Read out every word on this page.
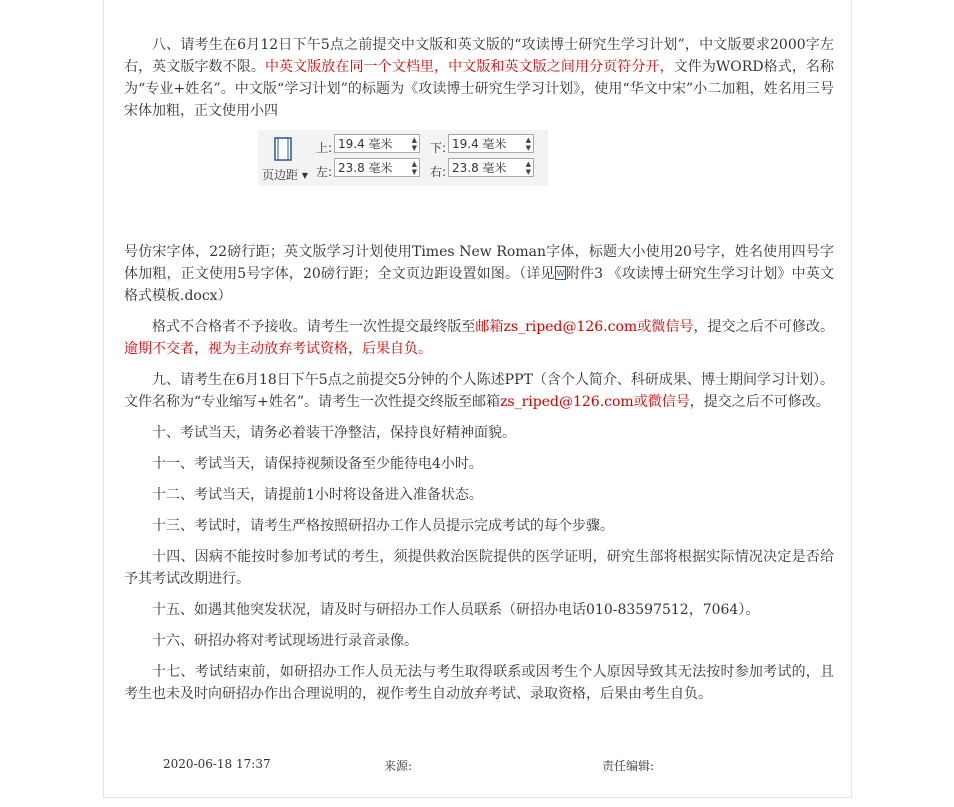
八、请考生在6月12日下午5点之前提交中文版和英文版的“攻读博士研究生学习计划”，中文版要求2000字左右，英文版字数不限。中英文版放在同一个文档里，中文版和英文版之间用分页符分开，文件为WORD格式，名称为“专业+姓名”。中文版“学习计划”的标题为《攻读博士研究生学习计划》，使用“华文中宋”小二加粗，姓名用三号宋体加粗，正文使用小四

页边距 ▾
上: 19.4 毫米	▲
▼ 下: 19.4 毫米	▲
▼
左: 23.8 毫米	▲
▼ 右: 23.8 毫米	▲
▼

号仿宋字体，22磅行距；英文版学习计划使用Times New Roman字体，标题大小使用20号字，姓名使用四号字体加粗，正文使用5号字体，20磅行距；全文页边距设置如图。（详见 W 附件3 《攻读博士研究生学习计划》中英文格式模板.docx）

格式不合格者不予接收。请考生一次性提交最终版至邮箱zs_riped@126.com或微信号，提交之后不可修改。逾期不交者，视为主动放弃考试资格，后果自负。

九、请考生在6月18日下午5点之前提交5分钟的个人陈述PPT（含个人简介、科研成果、博士期间学习计划）。文件名称为“专业缩写+姓名”。请考生一次性提交终版至邮箱zs_riped@126.com或微信号，提交之后不可修改。

十、考试当天，请务必着装干净整洁，保持良好精神面貌。

十一、考试当天，请保持视频设备至少能待电4小时。

十二、考试当天，请提前1小时将设备进入准备状态。

十三、考试时，请考生严格按照研招办工作人员提示完成考试的每个步骤。

十四、因病不能按时参加考试的考生，须提供救治医院提供的医学证明，研究生部将根据实际情况决定是否给予其考试改期进行。

十五、如遇其他突发状况，请及时与研招办工作人员联系（研招办电话010-83597512，7064）。

十六、研招办将对考试现场进行录音录像。

十七、考试结束前，如研招办工作人员无法与考生取得联系或因考生个人原因导致其无法按时参加考试的，且考生也未及时向研招办作出合理说明的，视作考生自动放弃考试、录取资格，后果由考生自负。

2020-06-18 17:37	来源:	责任编辑:
